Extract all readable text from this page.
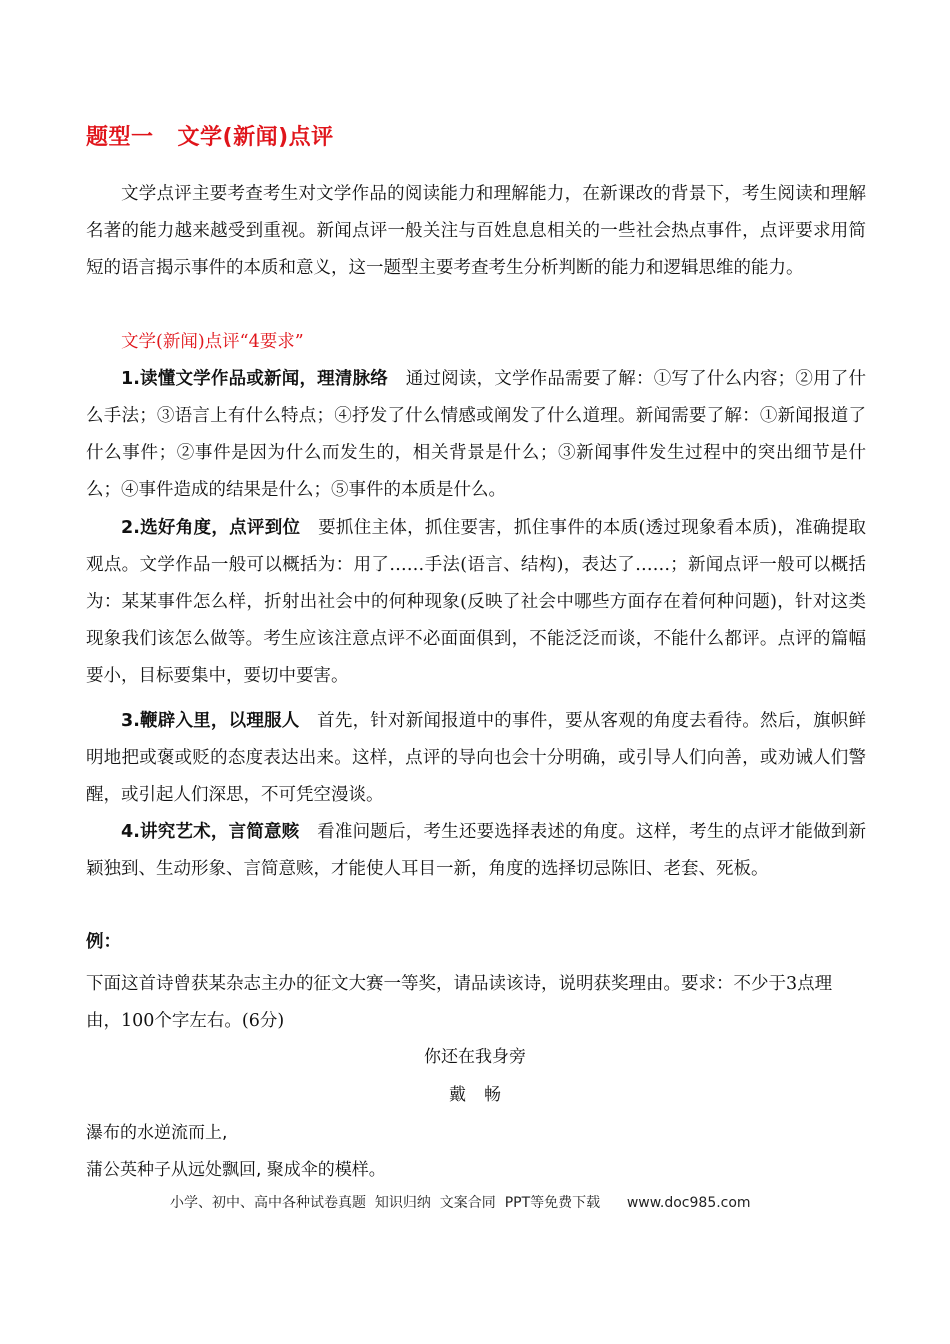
题型一 文学(新闻)点评
文学点评主要考查考生对文学作品的阅读能力和理解能力，在新课改的背景下，考生阅读和理解名著的能力越来越受到重视。新闻点评一般关注与百姓息息相关的一些社会热点事件，点评要求用简短的语言揭示事件的本质和意义，这一题型主要考查考生分析判断的能力和逻辑思维的能力。
文学(新闻)点评“4要求”
1.读懂文学作品或新闻，理清脉络　 通过阅读，文学作品需要了解：①写了什么内容；②用了什么手法；③语言上有什么特点；④抒发了什么情感或阐发了什么道理。新闻需要了解：①新闻报道了什么事件；②事件是因为什么而发生的，相关背景是什么；③新闻事件发生过程中的突出细节是什么；④事件造成的结果是什么；⑤事件的本质是什么。
2.选好角度，点评到位　 要抓住主体，抓住要害，抓住事件的本质(透过现象看本质)，准确提取观点。文学作品一般可以概括为：用了……手法(语言、结构)，表达了……；新闻点评一般可以概括为：某某事件怎么样，折射出社会中的何种现象(反映了社会中哪些方面存在着何种问题)，针对这类现象我们该怎么做等。考生应该注意点评不必面面俱到，不能泛泛而谈，不能什么都评。点评的篇幅要小，目标要集中，要切中要害。
3.鞭辟入里，以理服人　 首先，针对新闻报道中的事件，要从客观的角度去看待。然后，旗帜鲜明地把或褒或贬的态度表达出来。这样，点评的导向也会十分明确，或引导人们向善，或劝诫人们警醒，或引起人们深思，不可凭空漫谈。
4.讲究艺术，言简意赅　 看准问题后，考生还要选择表述的角度。这样，考生的点评才能做到新颖独到、生动形象、言简意赅，才能使人耳目一新，角度的选择切忌陈旧、老套、死板。
例：
下面这首诗曾获某杂志主办的征文大赛一等奖，请品读该诗，说明获奖理由。要求：不少于3点理由，100个字左右。(6分)
你还在我身旁
戴畅
瀑布的水逆流而上,
蒲公英种子从远处飘回, 聚成伞的模样。
小学、初中、高中各种试卷真题  知识归纳  文案合同  PPT等免费下载      www.doc985.com
